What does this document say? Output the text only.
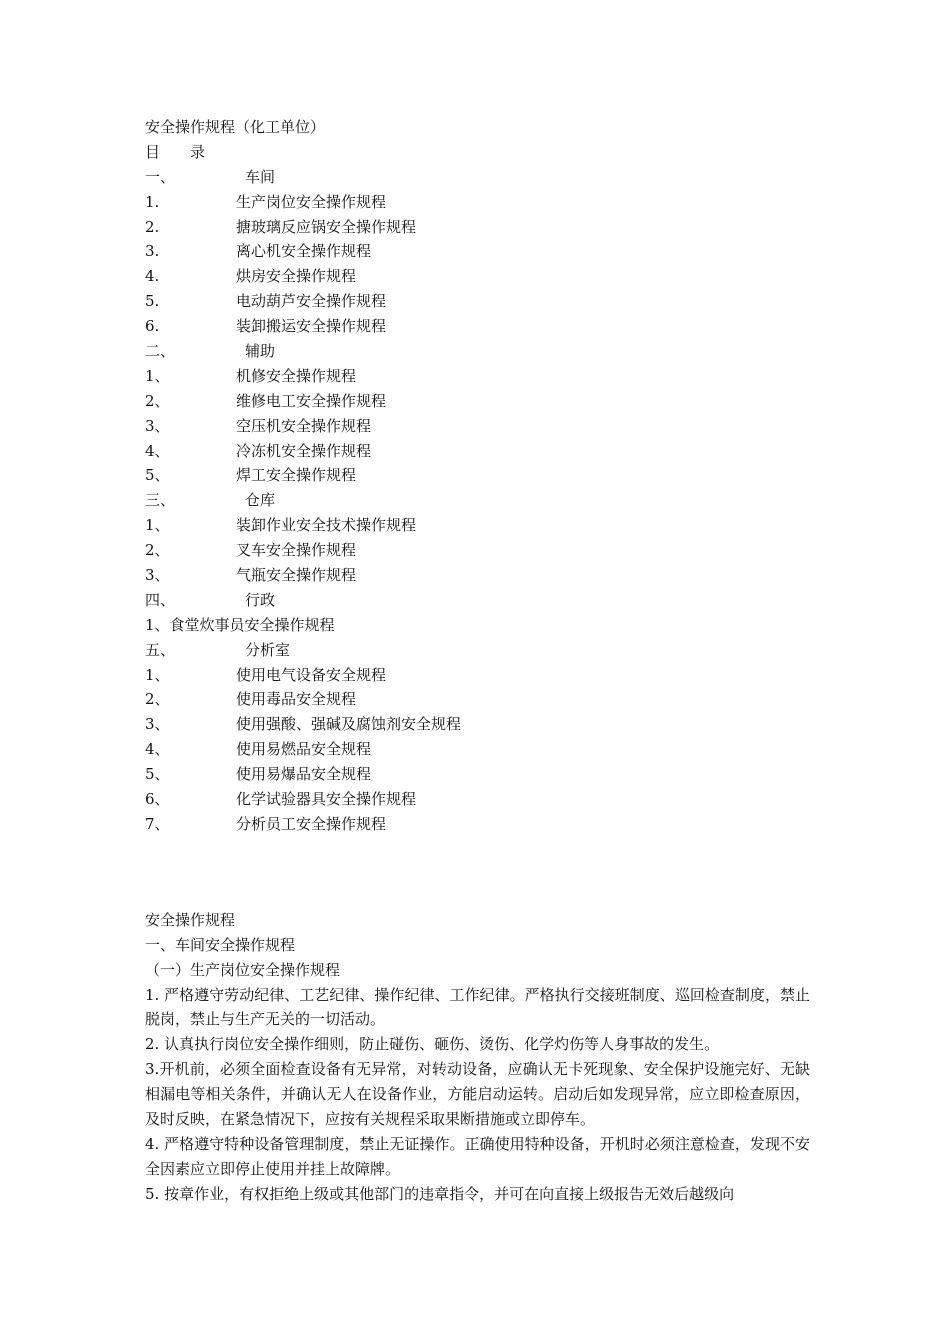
安全操作规程（化工单位）
目　　录
一、	车间
1.	生产岗位安全操作规程
2.	搪玻璃反应锅安全操作规程
3.	离心机安全操作规程
4.	烘房安全操作规程
5.	电动葫芦安全操作规程
6.	装卸搬运安全操作规程
二、	辅助
1、	机修安全操作规程
2、	维修电工安全操作规程
3、	空压机安全操作规程
4、	冷冻机安全操作规程
5、	焊工安全操作规程
三、	仓库
1、	装卸作业安全技术操作规程
2、	叉车安全操作规程
3、	气瓶安全操作规程
四、	行政
1、食堂炊事员安全操作规程
五、	分析室
1、	使用电气设备安全规程
2、	使用毒品安全规程
3、	使用强酸、强碱及腐蚀剂安全规程
4、	使用易燃品安全规程
5、	使用易爆品安全规程
6、	化学试验器具安全操作规程
7、	分析员工安全操作规程
安全操作规程
一、车间安全操作规程
（一）生产岗位安全操作规程

1. 严格遵守劳动纪律、工艺纪律、操作纪律、工作纪律。严格执行交接班制度、巡回检查制度，禁止脱岗，禁止与生产无关的一切活动。

2. 认真执行岗位安全操作细则，防止碰伤、砸伤、烫伤、化学灼伤等人身事故的发生。

3.开机前，必须全面检查设备有无异常，对转动设备，应确认无卡死现象、安全保护设施完好、无缺相漏电等相关条件，并确认无人在设备作业，方能启动运转。启动后如发现异常，应立即检查原因，及时反映，在紧急情况下，应按有关规程采取果断措施或立即停车。

4. 严格遵守特种设备管理制度，禁止无证操作。正确使用特种设备，开机时必须注意检查，发现不安全因素应立即停止使用并挂上故障牌。

5. 按章作业，有权拒绝上级或其他部门的违章指令，并可在向直接上级报告无效后越级向
